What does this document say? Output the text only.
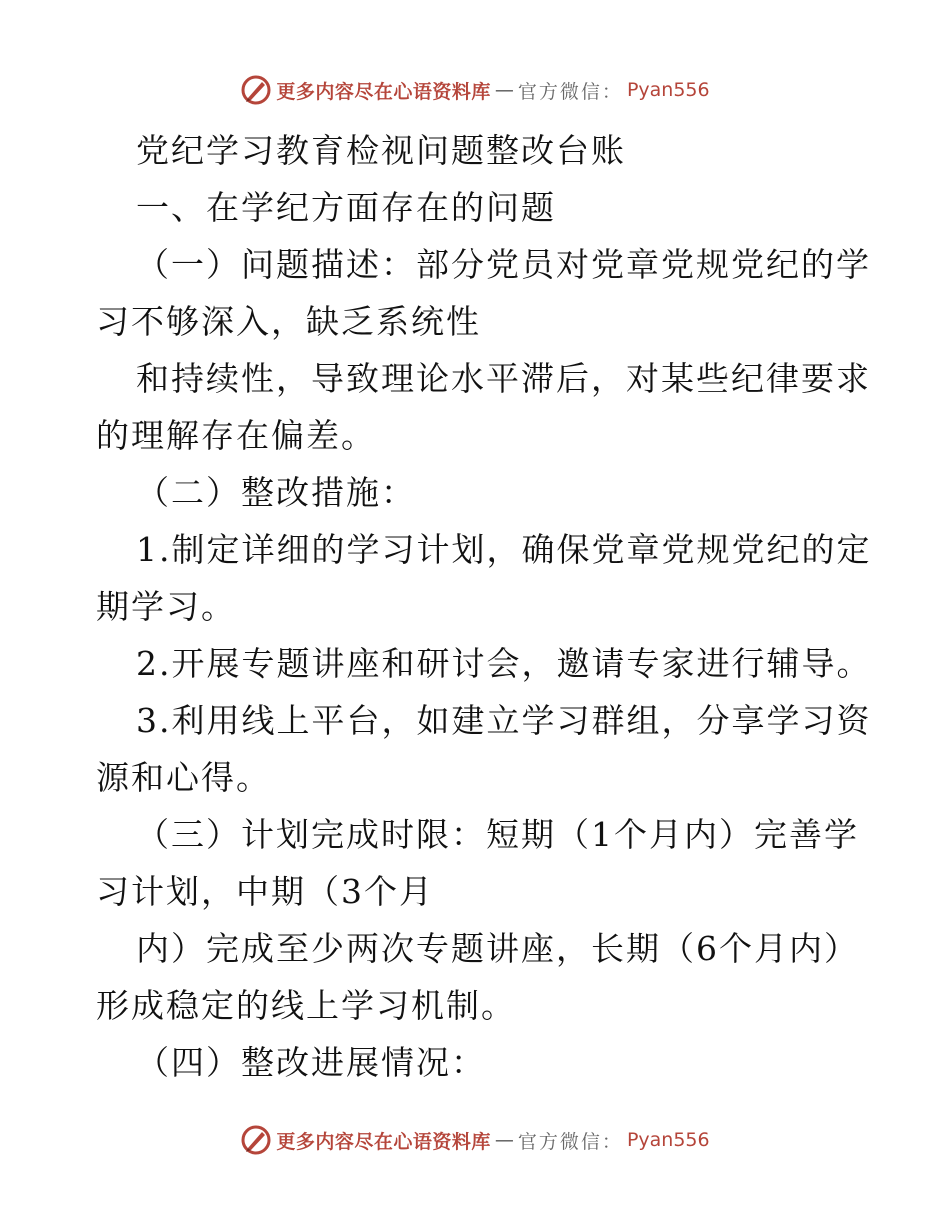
更多内容尽在心语资料库 — 官方微信： Pyan556
党纪学习教育检视问题整改台账
一、在学纪方面存在的问题
（一）问题描述：部分党员对党章党规党纪的学
习不够深入，缺乏系统性
和持续性，导致理论水平滞后，对某些纪律要求
的理解存在偏差。
（二）整改措施：
1.制定详细的学习计划，确保党章党规党纪的定
期学习。
2.开展专题讲座和研讨会，邀请专家进行辅导。
3.利用线上平台，如建立学习群组，分享学习资
源和心得。
（三）计划完成时限：短期（1个月内）完善学
习计划，中期（3个月
内）完成至少两次专题讲座，长期（6个月内）
形成稳定的线上学习机制。
（四）整改进展情况：
更多内容尽在心语资料库 — 官方微信： Pyan556
